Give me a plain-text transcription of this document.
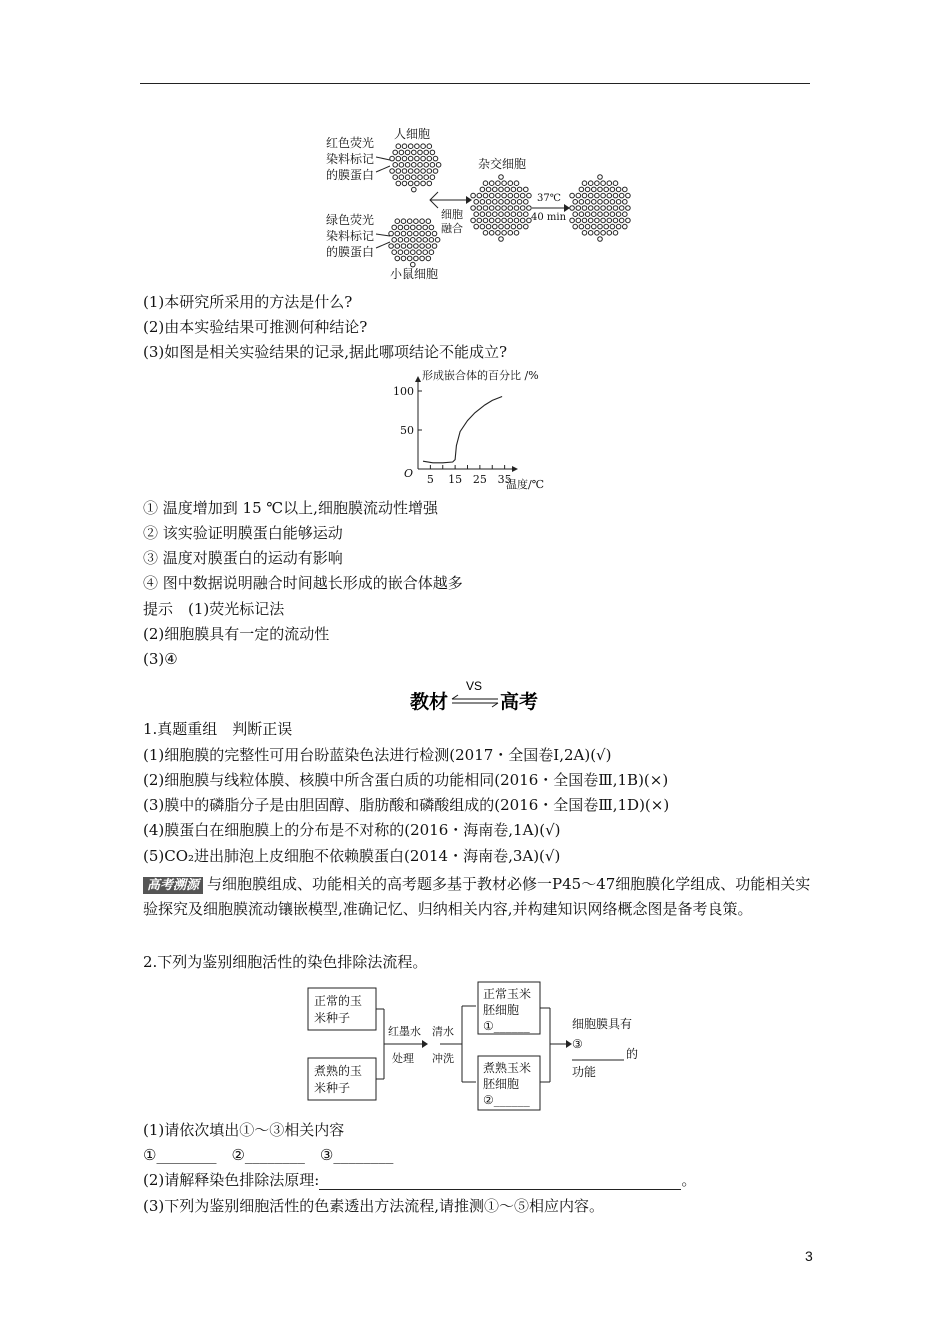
红色荧光
染料标记
的膜蛋白
人细胞
绿色荧光
染料标记
的膜蛋白
小鼠细胞
细胞
融合
杂交细胞
37℃
40 min
(1)本研究所采用的方法是什么?
(2)由本实验结果可推测何种结论?
(3)如图是相关实验结果的记录,据此哪项结论不能成立?
形成嵌合体的百分比 /%
温度/℃
O
100
50
5 15 25 35
① 温度增加到 15 ℃以上,细胞膜流动性增强
② 该实验证明膜蛋白能够运动
③ 温度对膜蛋白的运动有影响
④ 图中数据说明融合时间越长形成的嵌合体越多
提示　(1)荧光标记法
(2)细胞膜具有一定的流动性
(3)④
教材
VS
高考
1.真题重组　判断正误
(1)细胞膜的完整性可用台盼蓝染色法进行检测(2017・全国卷Ⅰ,2A)(√)
(2)细胞膜与线粒体膜、核膜中所含蛋白质的功能相同(2016・全国卷Ⅲ,1B)(×)
(3)膜中的磷脂分子是由胆固醇、脂肪酸和磷酸组成的(2016・全国卷Ⅲ,1D)(×)
(4)膜蛋白在细胞膜上的分布是不对称的(2016・海南卷,1A)(√)
(5)CO₂进出肺泡上皮细胞不依赖膜蛋白(2014・海南卷,3A)(√)
高考溯源 与细胞膜组成、功能相关的高考题多基于教材必修一P45～47细胞膜化学组成、功能相关实验探究及细胞膜流动镶嵌模型,准确记忆、归纳相关内容,并构建知识网络概念图是备考良策。
2.下列为鉴别细胞活性的染色排除法流程。
正常的玉
米种子
煮熟的玉
米种子
红墨水
处理
清水
冲洗
正常玉米
胚细胞
①______
煮熟玉米
胚细胞
②______
细胞膜具有
③
的
功能
(1)请依次填出①～③相关内容
①________　②________　③________
(2)请解释染色排除法原理:	。
(3)下列为鉴别细胞活性的色素透出方法流程,请推测①～⑤相应内容。
3
